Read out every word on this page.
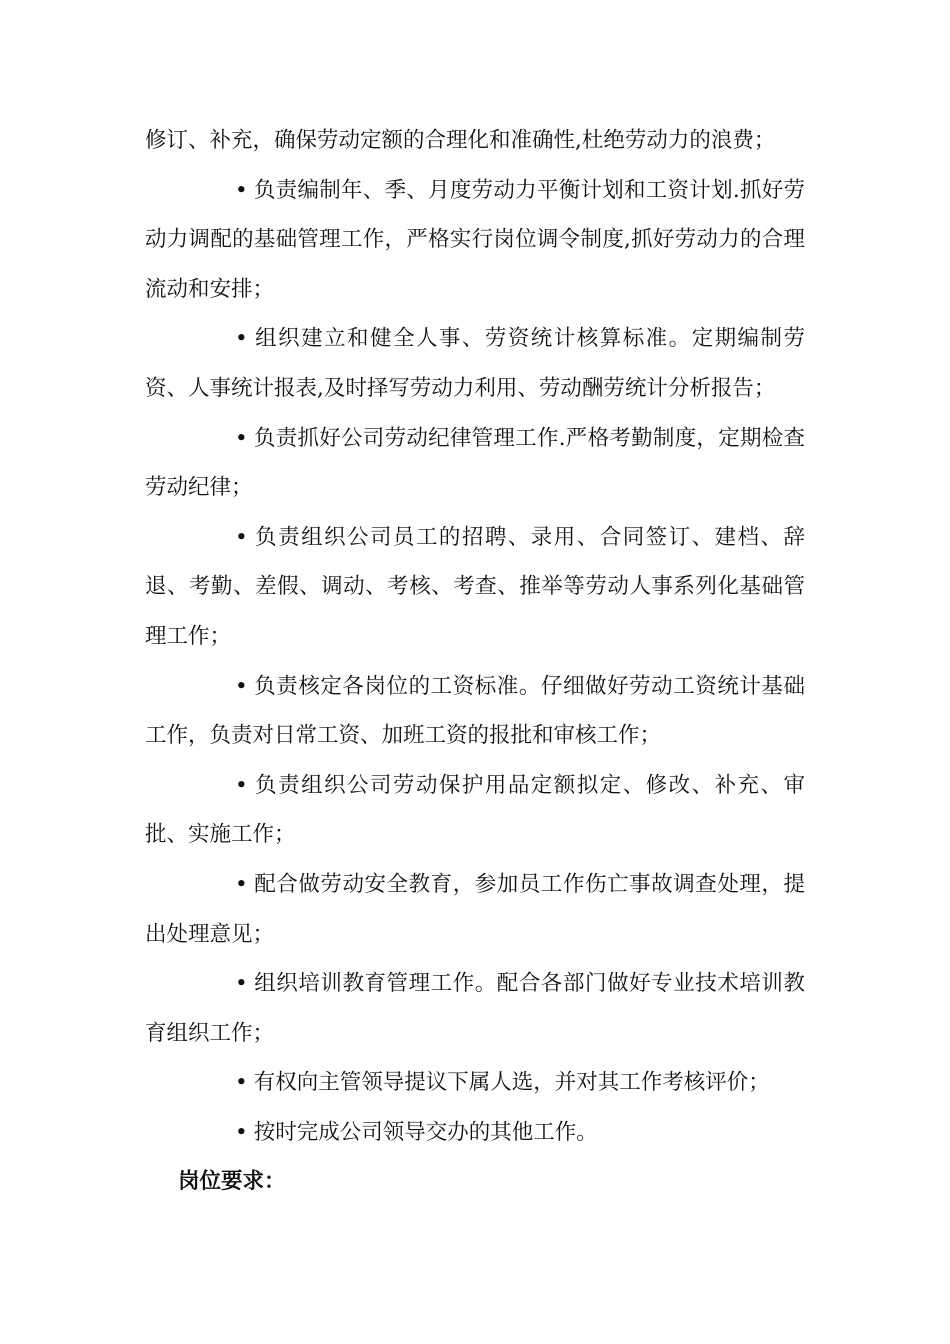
修订、补充，确保劳动定额的合理化和准确性,杜绝劳动力的浪费；

• 负责编制年、季、月度劳动力平衡计划和工资计划.抓好劳动力调配的基础管理工作，严格实行岗位调令制度,抓好劳动力的合理流动和安排；

• 组织建立和健全人事、劳资统计核算标准。定期编制劳资、人事统计报表,及时择写劳动力利用、劳动酬劳统计分析报告；

• 负责抓好公司劳动纪律管理工作.严格考勤制度，定期检查劳动纪律；

• 负责组织公司员工的招聘、录用、合同签订、建档、辞退、考勤、差假、调动、考核、考查、推举等劳动人事系列化基础管理工作；

• 负责核定各岗位的工资标准。仔细做好劳动工资统计基础工作，负责对日常工资、加班工资的报批和审核工作；

• 负责组织公司劳动保护用品定额拟定、修改、补充、审批、实施工作；

• 配合做劳动安全教育，参加员工作伤亡事故调查处理，提出处理意见；

• 组织培训教育管理工作。配合各部门做好专业技术培训教育组织工作；

• 有权向主管领导提议下属人选，并对其工作考核评价；

• 按时完成公司领导交办的其他工作。

岗位要求：
